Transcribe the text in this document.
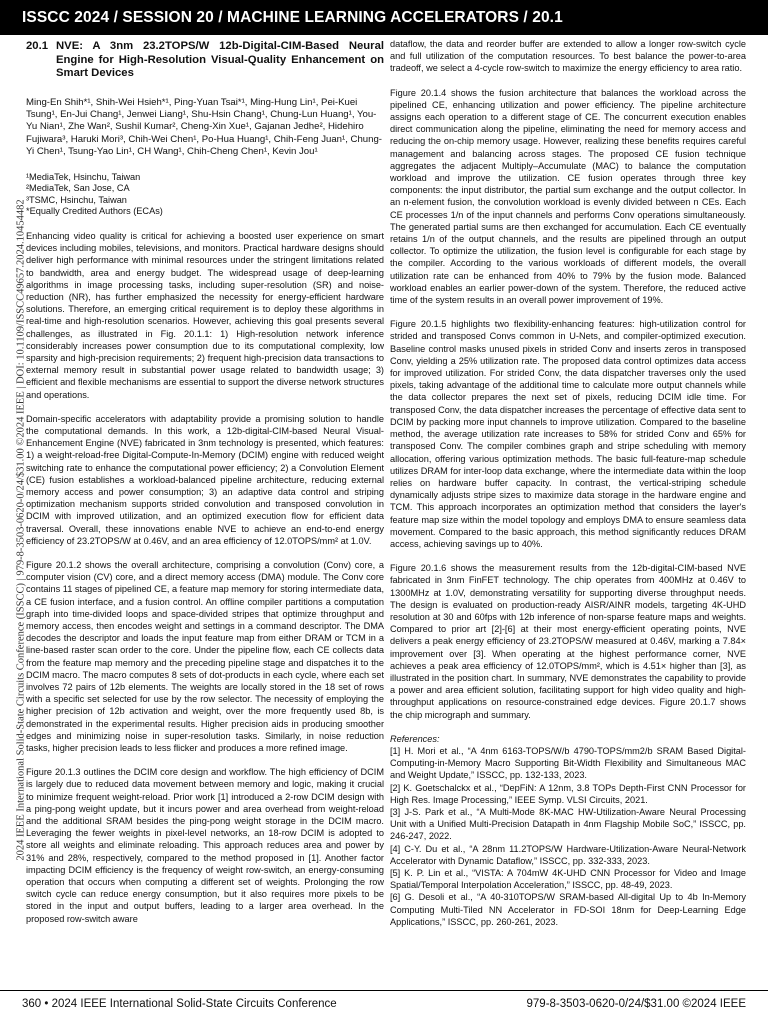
ISSCC 2024 / SESSION 20 / MACHINE LEARNING ACCELERATORS / 20.1
2024 IEEE International Solid-State Circuits Conference (ISSCC) | 979-8-3503-0620-0/24/$31.00 ©2024 IEEE | DOI: 10.1109/ISSCC49657.2024.10454482
20.1 NVE: A 3nm 23.2TOPS/W 12b-Digital-CIM-Based Neural Engine for High-Resolution Visual-Quality Enhancement on Smart Devices
Ming-En Shih*¹, Shih-Wei Hsieh*¹, Ping-Yuan Tsai*¹, Ming-Hung Lin¹, Pei-Kuei Tsung¹, En-Jui Chang¹, Jenwei Liang¹, Shu-Hsin Chang¹, Chung-Lun Huang¹, You-Yu Nian¹, Zhe Wan², Sushil Kumar², Cheng-Xin Xue¹, Gajanan Jedhe², Hidehiro Fujiwara³, Haruki Mori³, Chih-Wei Chen¹, Po-Hua Huang¹, Chih-Feng Juan¹, Chung-Yi Chen¹, Tsung-Yao Lin¹, CH Wang¹, Chih-Cheng Chen¹, Kevin Jou¹
¹MediaTek, Hsinchu, Taiwan
²MediaTek, San Jose, CA
³TSMC, Hsinchu, Taiwan
*Equally Credited Authors (ECAs)

Enhancing video quality is critical for achieving a boosted user experience on smart devices including mobiles, televisions, and monitors. Practical hardware designs should deliver high performance with minimal resources under the stringent limitations related to bandwidth, area and energy budget. The widespread usage of deep-learning algorithms in image processing tasks, including super-resolution (SR) and noise-reduction (NR), has further emphasized the necessity for energy-efficient hardware solutions. Therefore, an emerging critical requirement is to deploy these algorithms in real-time and high-resolution scenarios. However, achieving this goal presents several challenges, as illustrated in Fig. 20.1.1: 1) High-resolution network inference considerably increases power consumption due to its computational complexity, low sparsity and high-precision requirements; 2) frequent high-precision data transactions to external memory result in substantial power usage related to bandwidth usage; 3) efficient and flexible mechanisms are essential to support the diverse network structures and operations.

Domain-specific accelerators with adaptability provide a promising solution to handle the computational demands. In this work, a 12b-digital-CIM-based Neural Visual-Enhancement Engine (NVE) fabricated in 3nm technology is presented, which features: 1) a weight-reload-free Digital-Compute-In-Memory (DCIM) engine with reduced weight switching rate to enhance the computational power efficiency; 2) a Convolution Element (CE) fusion establishes a workload-balanced pipeline architecture, reducing external memory access and power consumption; 3) an adaptive data control and striping optimization mechanism supports strided convolution and transposed convolution in DCIM with improved utilization, and an optimized execution flow for efficient data traversal. Overall, these innovations enable NVE to achieve an end-to-end energy efficiency of 23.2TOPS/W at 0.46V, and an area efficiency of 12.0TOPS/mm² at 1.0V.

Figure 20.1.2 shows the overall architecture, comprising a convolution (Conv) core, a computer vision (CV) core, and a direct memory access (DMA) module. The Conv core contains 11 stages of pipelined CE, a feature map memory for storing intermediate data, a CE fusion interface, and a fusion control. An offline compiler partitions a computation graph into time-divided loops and space-divided stripes that optimize throughput and memory access, then encodes weight and settings in a command descriptor. The DMA decodes the descriptor and loads the input feature map from either DRAM or TCM in a line-based raster scan order to the core. Under the pipeline flow, each CE collects data from the feature map memory and the preceding pipeline stage and dispatches it to the DCIM macro. The macro computes 8 sets of dot-products in each cycle, where each set involves 72 pairs of 12b elements. The weights are locally stored in the 18 set of rows with a specific set selected for use by the row selector. The necessity of employing the higher precision of 12b activation and weight, over the more frequently used 8b, is demonstrated in the experimental results. Higher precision aids in producing smoother edges and minimizing noise in super-resolution tasks. Similarly, in noise reduction tasks, higher precision leads to less flicker and produces a more refined image.

Figure 20.1.3 outlines the DCIM core design and workflow. The high efficiency of DCIM is largely due to reduced data movement between memory and logic, making it crucial to minimize frequent weight-reload. Prior work [1] introduced a 2-row DCIM design with a ping-pong weight update, but it incurs power and area overhead from weight-reload and the additional SRAM besides the ping-pong weight storage in the DCIM macro. Leveraging the fewer weights in pixel-level networks, an 18-row DCIM is adopted to store all weights and eliminate reloading. This approach reduces area and power by 31% and 28%, respectively, compared to the method proposed in [1]. Another factor impacting DCIM efficiency is the frequency of weight row-switch, an energy-consuming operation that occurs when computing a different set of weights. Prolonging the row switch cycle can reduce energy consumption, but it also requires more pixels to be stored in the input and output buffers, leading to a larger area overhead. In the proposed row-switch aware

dataflow, the data and reorder buffer are extended to allow a longer row-switch cycle and full utilization of the computation resources. To best balance the power-to-area tradeoff, we select a 4-cycle row-switch to maximize the energy efficiency to area ratio.

Figure 20.1.4 shows the fusion architecture that balances the workload across the pipelined CE, enhancing utilization and power efficiency. The pipeline architecture assigns each operation to a different stage of CE. The concurrent execution enables direct communication along the pipeline, eliminating the need for memory access and reducing the on-chip memory usage. However, realizing these benefits requires careful management and balancing across stages. The proposed CE fusion technique aggregates the adjacent Multiply–Accumulate (MAC) to balance the computation workload and improve the utilization. CE fusion operates through three key components: the input distributor, the partial sum exchange and the output collector. In an n-element fusion, the convolution workload is evenly divided between n CEs. Each CE processes 1/n of the input channels and performs Conv operations simultaneously. The generated partial sums are then exchanged for accumulation. Each CE eventually retains 1/n of the output channels, and the results are pipelined through an output collector. To optimize the utilization, the fusion level is configurable for each stage by the compiler. According to the various workloads of different models, the overall utilization rate can be enhanced from 40% to 79% by the fusion mode. Balanced workload enables an earlier power-down of the system. Therefore, the reduced active time of the system results in an overall power improvement of 19%.

Figure 20.1.5 highlights two flexibility-enhancing features: high-utilization control for strided and transposed Convs common in U-Nets, and compiler-optimized execution. Baseline control masks unused pixels in strided Conv and inserts zeros in transposed Conv, yielding a 25% utilization rate. The proposed data control optimizes data access for improved utilization. For strided Conv, the data dispatcher traverses only the used pixels, taking advantage of the additional time to calculate more output channels while the data collector prepares the next set of pixels, reducing DCIM idle time. For transposed Conv, the data dispatcher increases the percentage of effective data sent to DCIM by packing more input channels to improve utilization. Compared to the baseline method, the average utilization rate increases to 58% for strided Conv and 65% for transposed Conv. The compiler combines graph and stripe scheduling with memory allocation, offering various optimization methods. The basic full-feature-map schedule utilizes DRAM for inter-loop data exchange, where the intermediate data within the loop relies on hardware buffer capacity. In contrast, the vertical-striping schedule dynamically adjusts stripe sizes to maximize data storage in the hardware engine and TCM. This approach incorporates an optimization method that considers the layer's feature map size within the model topology and employs DMA to ensure seamless data movement. Compared to the basic approach, this method significantly reduces DRAM access, achieving savings up to 40%.

Figure 20.1.6 shows the measurement results from the 12b-digital-CIM-based NVE fabricated in 3nm FinFET technology. The chip operates from 400MHz at 0.46V to 1300MHz at 1.0V, demonstrating versatility for supporting diverse throughput needs. The design is evaluated on production-ready AISR/AINR models, targeting 4K-UHD resolution at 30 and 60fps with 12b inference of non-sparse feature maps and weights. Compared to prior art [2]-[6] at their most energy-efficient operating points, NVE delivers a peak energy efficiency of 23.2TOPS/W measured at 0.46V, marking a 7.84× improvement over [3]. When operating at the highest performance corner, NVE achieves a peak area efficiency of 12.0TOPS/mm², which is 4.51× higher than [3], as illustrated in the position chart. In summary, NVE demonstrates the capability to provide a power and area efficient solution, facilitating support for high video quality and high-throughput applications on resource-constrained edge devices. Figure 20.1.7 shows the chip micrograph and summary.

References:

[1] H. Mori et al., “A 4nm 6163-TOPS/W/b 4790-TOPS/mm2/b SRAM Based Digital-Computing-in-Memory Macro Supporting Bit-Width Flexibility and Simultaneous MAC and Weight Update,” ISSCC, pp. 132-133, 2023.

[2] K. Goetschalckx et al., “DepFiN: A 12nm, 3.8 TOPs Depth-First CNN Processor for High Res. Image Processing,” IEEE Symp. VLSI Circuits, 2021.

[3] J-S. Park et al., “A Multi-Mode 8K-MAC HW-Utilization-Aware Neural Processing Unit with a Unified Multi-Precision Datapath in 4nm Flagship Mobile SoC,” ISSCC, pp. 246-247, 2022.

[4] C-Y. Du et al., “A 28nm 11.2TOPS/W Hardware-Utilization-Aware Neural-Network Accelerator with Dynamic Dataflow,” ISSCC, pp. 332-333, 2023.

[5] K. P. Lin et al., “VISTA: A 704mW 4K-UHD CNN Processor for Video and Image Spatial/Temporal Interpolation Acceleration,” ISSCC, pp. 48-49, 2023.

[6] G. Desoli et al., “A 40-310TOPS/W SRAM-based All-digital Up to 4b In-Memory Computing Multi-Tiled NN Accelerator in FD-SOI 18nm for Deep-Learning Edge Applications,” ISSCC, pp. 260-261, 2023.

360 • 2024 IEEE International Solid-State Circuits Conference	979-8-3503-0620-0/24/$31.00 ©2024 IEEE
